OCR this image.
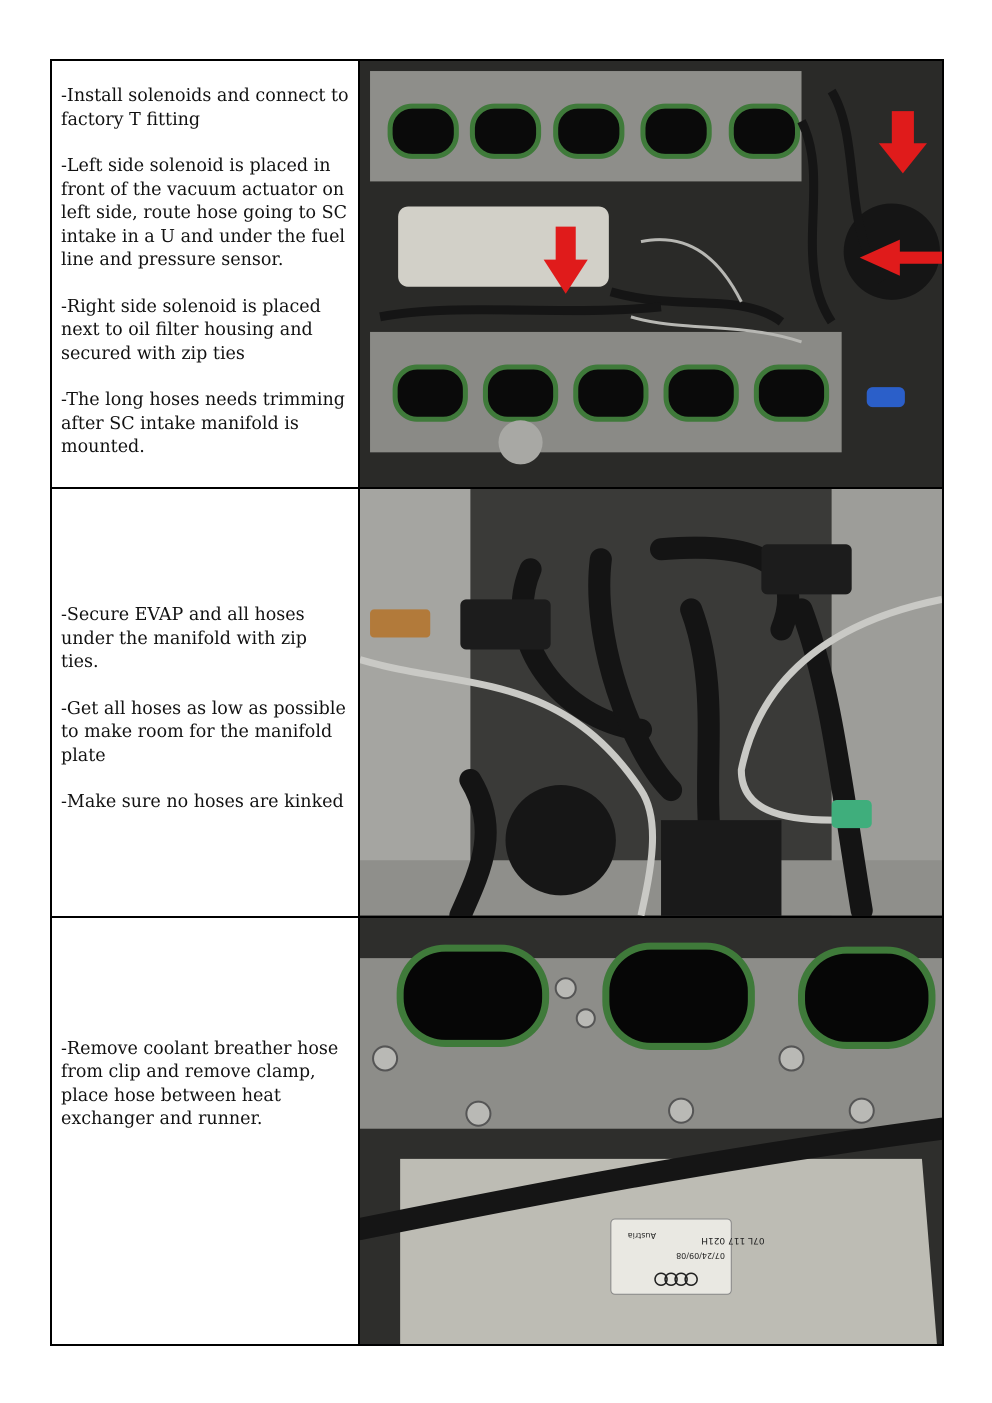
-Install solenoids and connect to factory T fitting

-Left side solenoid is placed in front of the vacuum actuator on left side, route hose going to SC intake in a U and under the fuel line and pressure sensor.

-Right side solenoid is placed next to oil filter housing and secured with zip ties

-The long hoses needs trimming after SC intake manifold is mounted.

-Secure EVAP and all hoses under the manifold with zip ties.

-Get all hoses as low as possible to make room for the manifold plate

-Make sure no hoses are kinked

-Remove coolant breather hose from clip and remove clamp, place hose between heat exchanger and runner.	07L 117 021H
Austria
07/24/09/08
